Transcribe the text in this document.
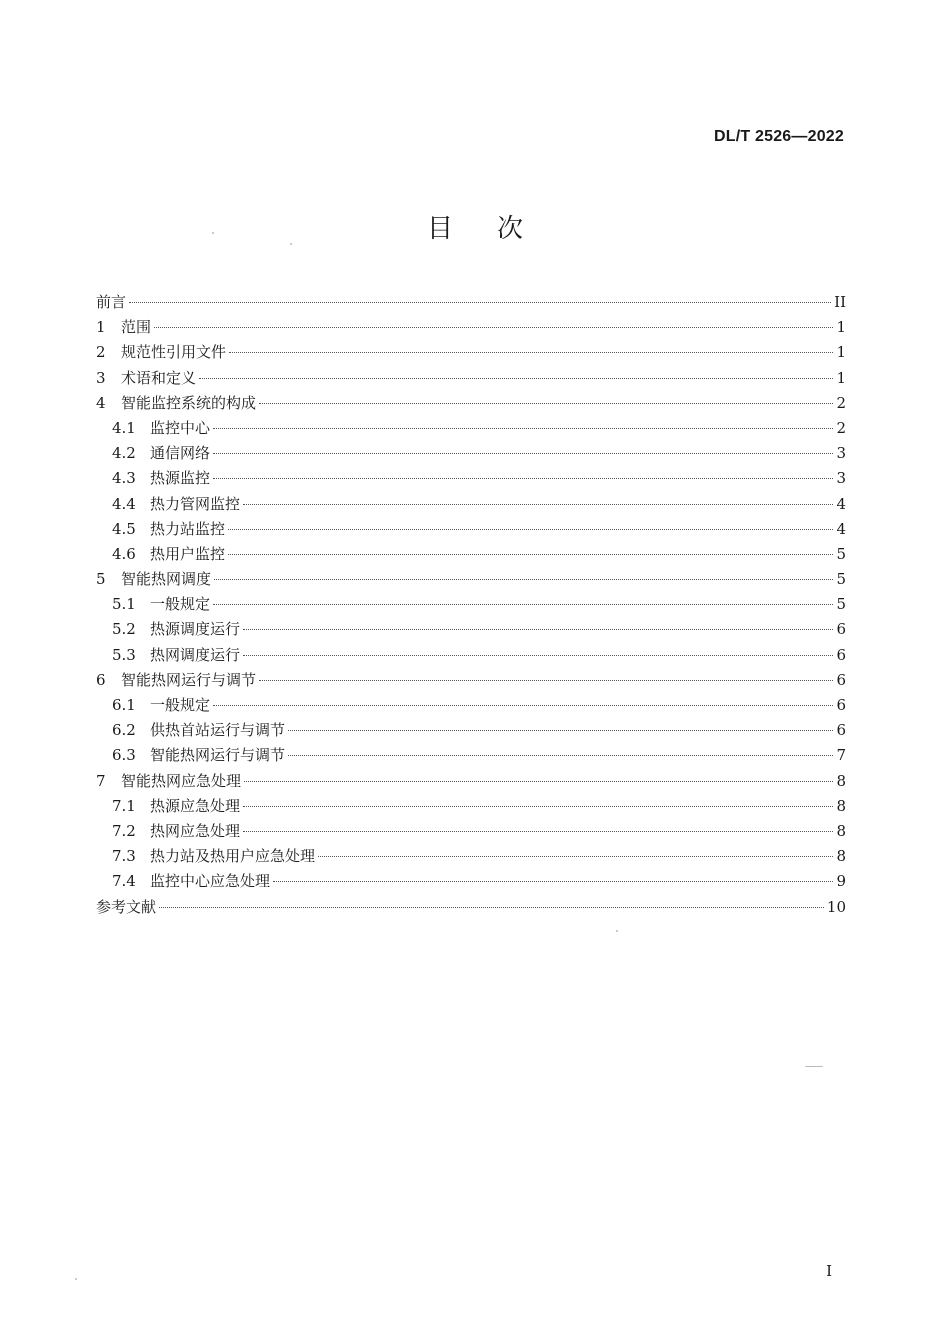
DL/T 2526—2022
目次
前言	II
1	范围	1
2	规范性引用文件	1
3	术语和定义	1
4	智能监控系统的构成	2
4.1 监控中心	2
4.2 通信网络	3
4.3 热源监控	3
4.4 热力管网监控	4
4.5 热力站监控	4
4.6 热用户监控	5
5	智能热网调度	5
5.1 一般规定	5
5.2 热源调度运行	6
5.3 热网调度运行	6
6	智能热网运行与调节	6
6.1 一般规定	6
6.2 供热首站运行与调节	6
6.3 智能热网运行与调节	7
7	智能热网应急处理	8
7.1 热源应急处理	8
7.2 热网应急处理	8
7.3 热力站及热用户应急处理	8
7.4 监控中心应急处理	9
参考文献	10
I
